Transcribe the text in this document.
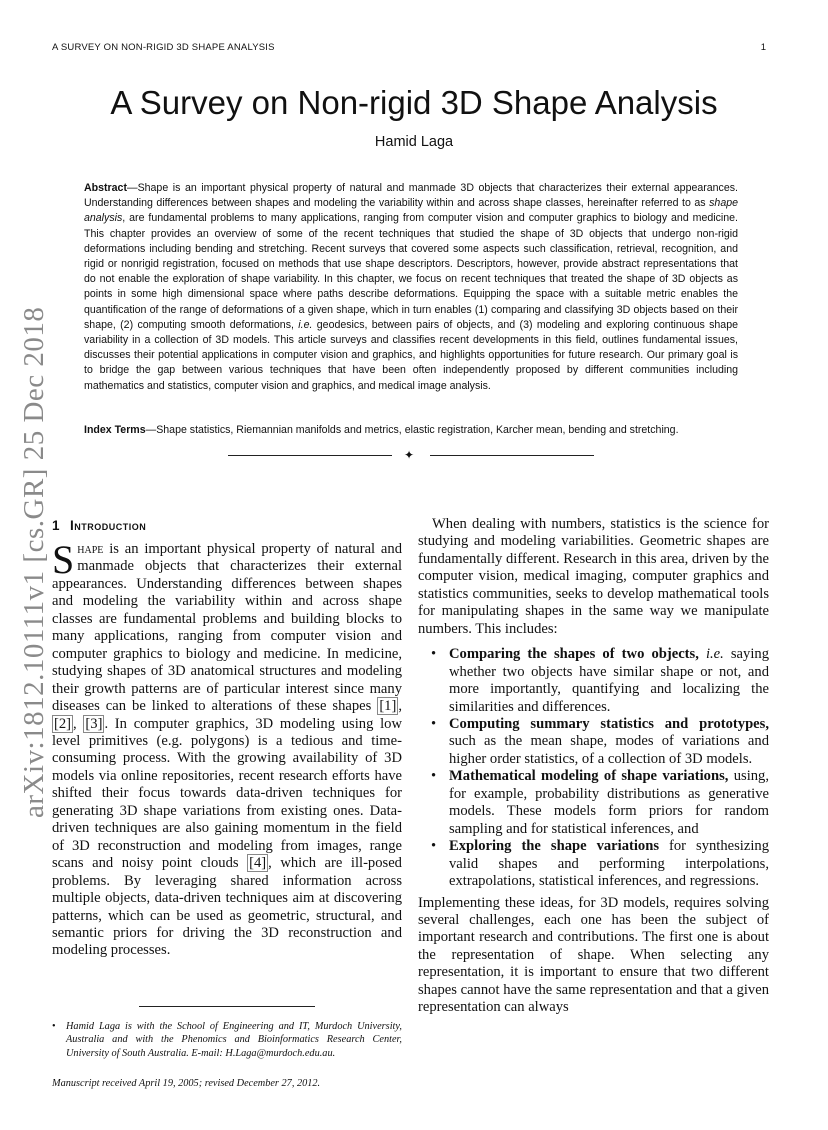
A SURVEY ON NON-RIGID 3D SHAPE ANALYSIS	1
A Survey on Non-rigid 3D Shape Analysis
Hamid Laga

Abstract—Shape is an important physical property of natural and manmade 3D objects that characterizes their external appearances. Understanding differences between shapes and modeling the variability within and across shape classes, hereinafter referred to as shape analysis, are fundamental problems to many applications, ranging from computer vision and computer graphics to biology and medicine. This chapter provides an overview of some of the recent techniques that studied the shape of 3D objects that undergo non-rigid deformations including bending and stretching. Recent surveys that covered some aspects such classification, retrieval, recognition, and rigid or nonrigid registration, focused on methods that use shape descriptors. Descriptors, however, provide abstract representations that do not enable the exploration of shape variability. In this chapter, we focus on recent techniques that treated the shape of 3D objects as points in some high dimensional space where paths describe deformations. Equipping the space with a suitable metric enables the quantification of the range of deformations of a given shape, which in turn enables (1) comparing and classifying 3D objects based on their shape, (2) computing smooth deformations, i.e. geodesics, between pairs of objects, and (3) modeling and exploring continuous shape variability in a collection of 3D models. This article surveys and classifies recent developments in this field, outlines fundamental issues, discusses their potential applications in computer vision and graphics, and highlights opportunities for future research. Our primary goal is to bridge the gap between various techniques that have been often independently proposed by different communities including mathematics and statistics, computer vision and graphics, and medical image analysis.

Index Terms—Shape statistics, Riemannian manifolds and metrics, elastic registration, Karcher mean, bending and stretching.

✦
arXiv:1812.10111v1 [cs.GR] 25 Dec 2018 1 Introduction

Shape is an important physical property of natural and manmade objects that characterizes their external appearances. Understanding differences between shapes and modeling the variability within and across shape classes are fundamental problems and building blocks to many applications, ranging from computer vision and computer graphics to biology and medicine. In medicine, studying shapes of 3D anatomical structures and modeling their growth patterns are of particular interest since many diseases can be linked to alterations of these shapes [1] , [2] , [3] . In computer graphics, 3D modeling using low level primitives (e.g. polygons) is a tedious and time-consuming process. With the growing availability of 3D models via online repositories, recent research efforts have shifted their focus towards data-driven techniques for generating 3D shape variations from existing ones. Data-driven techniques are also gaining momentum in the field of 3D reconstruction and modeling from images, range scans and noisy point clouds [4] , which are ill-posed problems. By leveraging shared information across multiple objects, data-driven techniques aim at discovering patterns, which can be used as geometric, structural, and semantic priors for driving the 3D reconstruction and modeling processes.

When dealing with numbers, statistics is the science for studying and modeling variabilities. Geometric shapes are fundamentally different. Research in this area, driven by the computer vision, medical imaging, computer graphics and statistics communities, seeks to develop mathematical tools for manipulating shapes in the same way we manipulate numbers. This includes:

• Comparing the shapes of two objects, i.e. saying whether two objects have similar shape or not, and more importantly, quantifying and localizing the similarities and differences.
• Computing summary statistics and prototypes, such as the mean shape, modes of variations and higher order statistics, of a collection of 3D models.
• Mathematical modeling of shape variations, using, for example, probability distributions as generative models. These models form priors for random sampling and for statistical inferences, and
• Exploring the shape variations for synthesizing valid shapes and performing interpolations, extrapolations, statistical inferences, and regressions.

Implementing these ideas, for 3D models, requires solving several challenges, each one has been the subject of important research and contributions. The first one is about the representation of shape. When selecting any representation, it is important to ensure that two different shapes cannot have the same representation and that a given representation can always

•	Hamid Laga is with the School of Engineering and IT, Murdoch University, Australia and with the Phenomics and Bioinformatics Research Center, University of South Australia. E-mail: H.Laga@murdoch.edu.au.
Manuscript received April 19, 2005; revised December 27, 2012.
